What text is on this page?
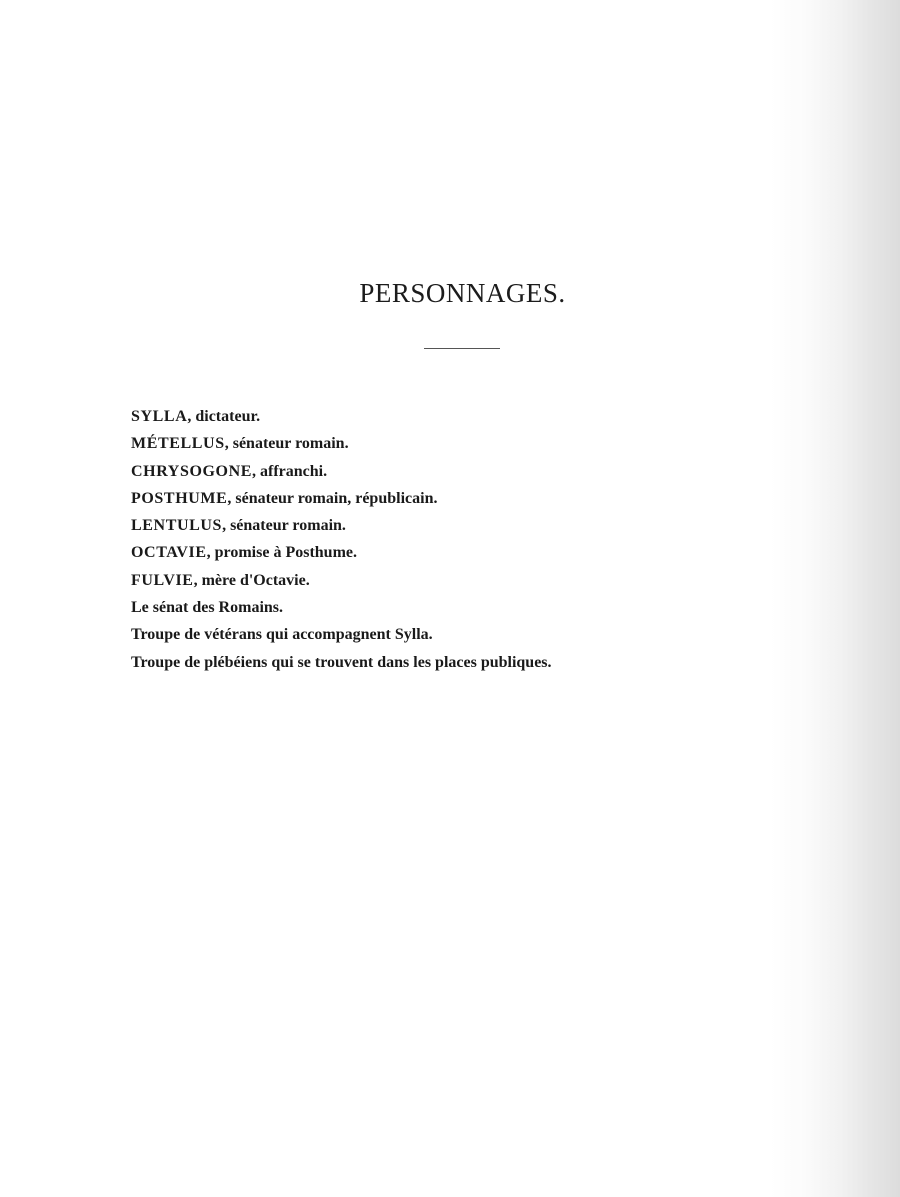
PERSONNAGES.
SYLLA, dictateur.
MÉTELLUS, sénateur romain.
CHRYSOGONE, affranchi.
POSTHUME, sénateur romain, républicain.
LENTULUS, sénateur romain.
OCTAVIE, promise à Posthume.
FULVIE, mère d'Octavie.
Le sénat des Romains.
Troupe de vétérans qui accompagnent Sylla.
Troupe de plébéiens qui se trouvent dans les places publiques.
